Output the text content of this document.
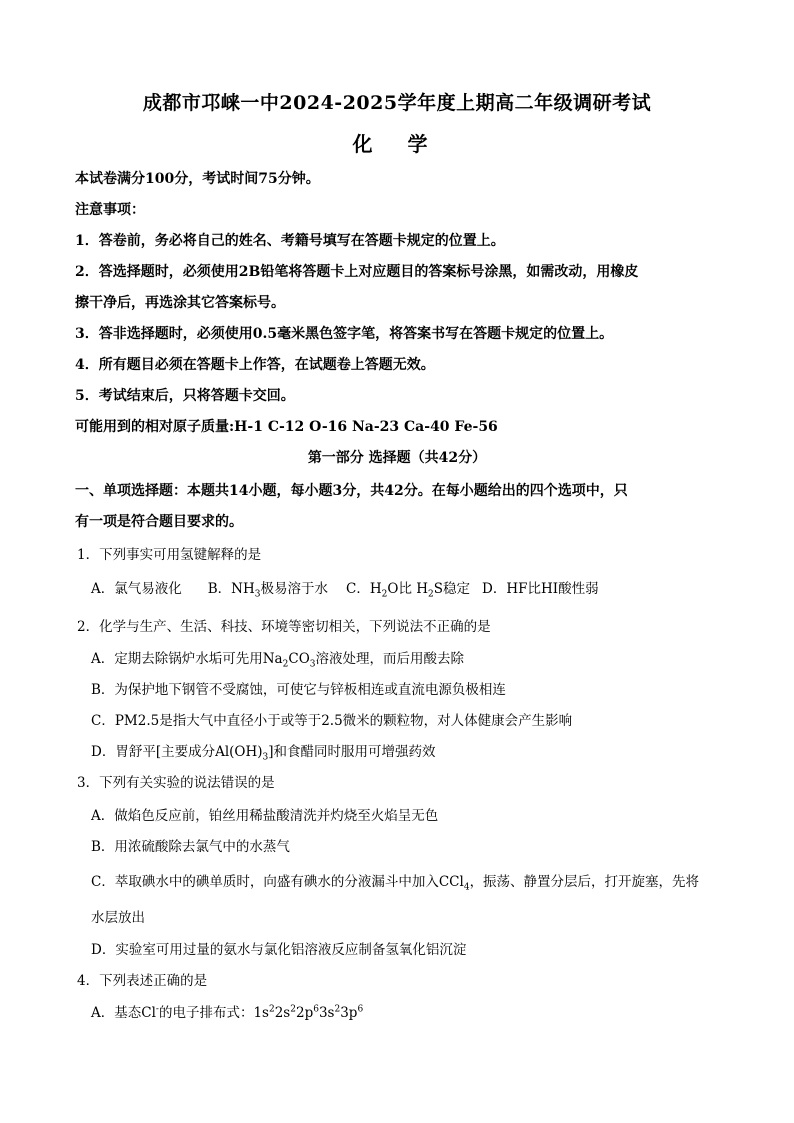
成都市邛崃一中2024-2025学年度上期高二年级调研考试
化 学
本试卷满分100分，考试时间75分钟。
注意事项：
1．答卷前，务必将自己的姓名、考籍号填写在答题卡规定的位置上。
2．答选择题时，必须使用2B铅笔将答题卡上对应题目的答案标号涂黑，如需改动，用橡皮
擦干净后，再选涂其它答案标号。
3．答非选择题时，必须使用0.5毫米黑色签字笔，将答案书写在答题卡规定的位置上。
4．所有题目必须在答题卡上作答，在试题卷上答题无效。
5．考试结束后，只将答题卡交回。
可能用到的相对原子质量:H-1 C-12 O-16 Na-23 Ca-40 Fe-56
第一部分 选择题（共42分）
一、单项选择题：本题共14小题，每小题3分，共42分。在每小题给出的四个选项中，只
有一项是符合题目要求的。
1．下列事实可用氢键解释的是
A．氯气易液化 B．$NH_3$极易溶于水 C．$H_2O$比 $H_2S$稳定 D．HF比HI酸性弱
2．化学与生产、生活、科技、环境等密切相关，下列说法不正确的是
A．定期去除锅炉水垢可先用$Na_2CO_3$溶液处理，而后用酸去除
B．为保护地下钢管不受腐蚀，可使它与锌板相连或直流电源负极相连
C．PM2.5是指大气中直径小于或等于2.5微米的颗粒物，对人体健康会产生影响
D．胃舒平[主要成分$Al(OH)_3$]和食醋同时服用可增强药效
3．下列有关实验的说法错误的是
A．做焰色反应前，铂丝用稀盐酸清洗并灼烧至火焰呈无色
B．用浓硫酸除去氯气中的水蒸气
C．萃取碘水中的碘单质时，向盛有碘水的分液漏斗中加入CCl$_4$，振荡、静置分层后，打开旋塞，先将
水层放出
D．实验室可用过量的氨水与氯化铝溶液反应制备氢氧化铝沉淀
4．下列表述正确的是
A．基态Cl-的电子排布式：$1s^22s^22p^63s^23p^6$
